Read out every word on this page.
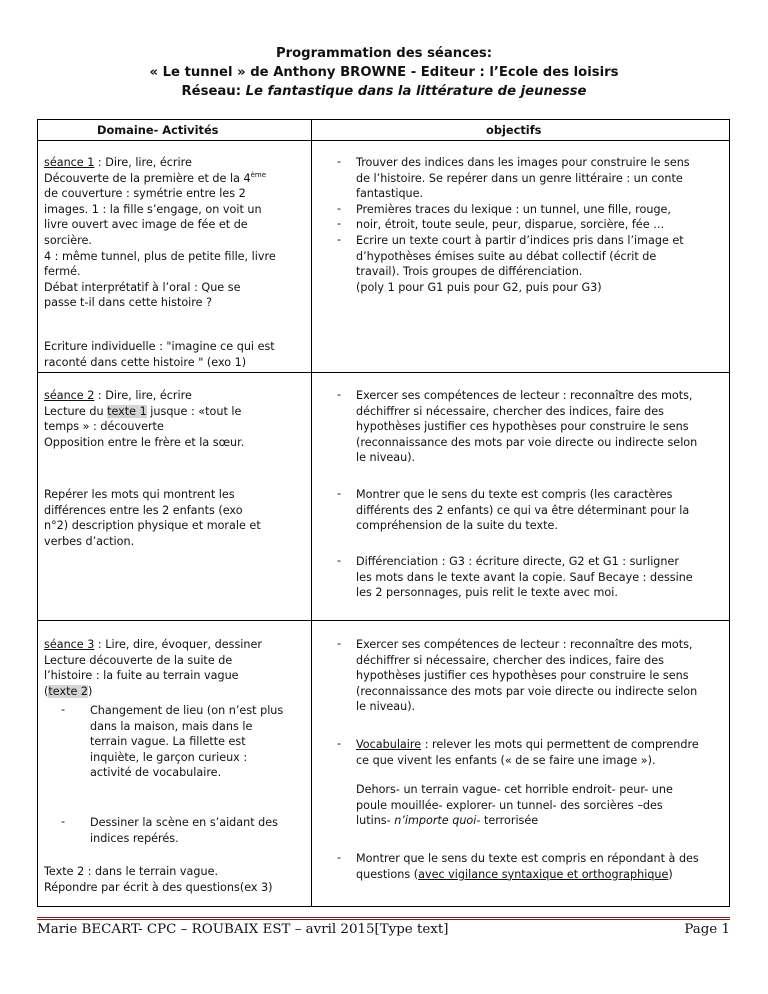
Programmation des séances:
« Le tunnel » de Anthony BROWNE - Editeur : l’Ecole des loisirs
Réseau: Le fantastique dans la littérature de jeunesse
Domaine- Activités	objectifs
séance 1 : Dire, lire, écrire
Découverte de la première et de la 4ème
de couverture : symétrie entre les 2
images. 1 : la fille s’engage, on voit un
livre ouvert avec image de fée et de
sorcière.
4 : même tunnel, plus de petite fille, livre
fermé.
Débat interprétatif à l’oral : Que se
passe t-il dans cette histoire ?
Ecriture individuelle : "imagine ce qui est
raconté dans cette histoire " (exo 1)
-
-
-
-
Trouver des indices dans les images pour construire le sens
de l’histoire. Se repérer dans un genre littéraire : un conte
fantastique.
Premières traces du lexique : un tunnel, une fille, rouge,
noir, étroit, toute seule, peur, disparue, sorcière, fée …
Ecrire un texte court à partir d’indices pris dans l’image et
d’hypothèses émises suite au débat collectif (écrit de
travail). Trois groupes de différenciation.
(poly 1 pour G1 puis pour G2, puis pour G3)
séance 2 : Dire, lire, écrire
Lecture du texte 1 jusque : «tout le
temps » : découverte
Opposition entre le frère et la sœur.
Repérer les mots qui montrent les
différences entre les 2 enfants (exo
n°2) description physique et morale et
verbes d’action.
- Exercer ses compétences de lecteur : reconnaître des mots,
déchiffrer si nécessaire, chercher des indices, faire des
hypothèses justifier ces hypothèses pour construire le sens
(reconnaissance des mots par voie directe ou indirecte selon
le niveau).
- Montrer que le sens du texte est compris (les caractères
différents des 2 enfants) ce qui va être déterminant pour la
compréhension de la suite du texte.
- Différenciation : G3 : écriture directe, G2 et G1 : surligner
les mots dans le texte avant la copie. Sauf Becaye : dessine
les 2 personnages, puis relit le texte avec moi.
séance 3 : Lire, dire, évoquer, dessiner
Lecture découverte de la suite de
l’histoire : la fuite au terrain vague
(texte 2)
- Changement de lieu (on n’est plus
dans la maison, mais dans le
terrain vague. La fillette est
inquiète, le garçon curieux :
activité de vocabulaire.
- Dessiner la scène en s’aidant des
indices repérés.
Texte 2 : dans le terrain vague.
Répondre par écrit à des questions(ex 3)
- Exercer ses compétences de lecteur : reconnaître des mots,
déchiffrer si nécessaire, chercher des indices, faire des
hypothèses justifier ces hypothèses pour construire le sens
(reconnaissance des mots par voie directe ou indirecte selon
le niveau).
- Vocabulaire : relever les mots qui permettent de comprendre
ce que vivent les enfants (« de se faire une image »).
Dehors- un terrain vague- cet horrible endroit- peur- une
poule mouillée- explorer- un tunnel- des sorcières –des
lutins- n’importe quoi- terrorisée
- Montrer que le sens du texte est compris en répondant à des
questions (avec vigilance syntaxique et orthographique)
Marie BECART- CPC – ROUBAIX EST – avril 2015[Type text]	Page 1
